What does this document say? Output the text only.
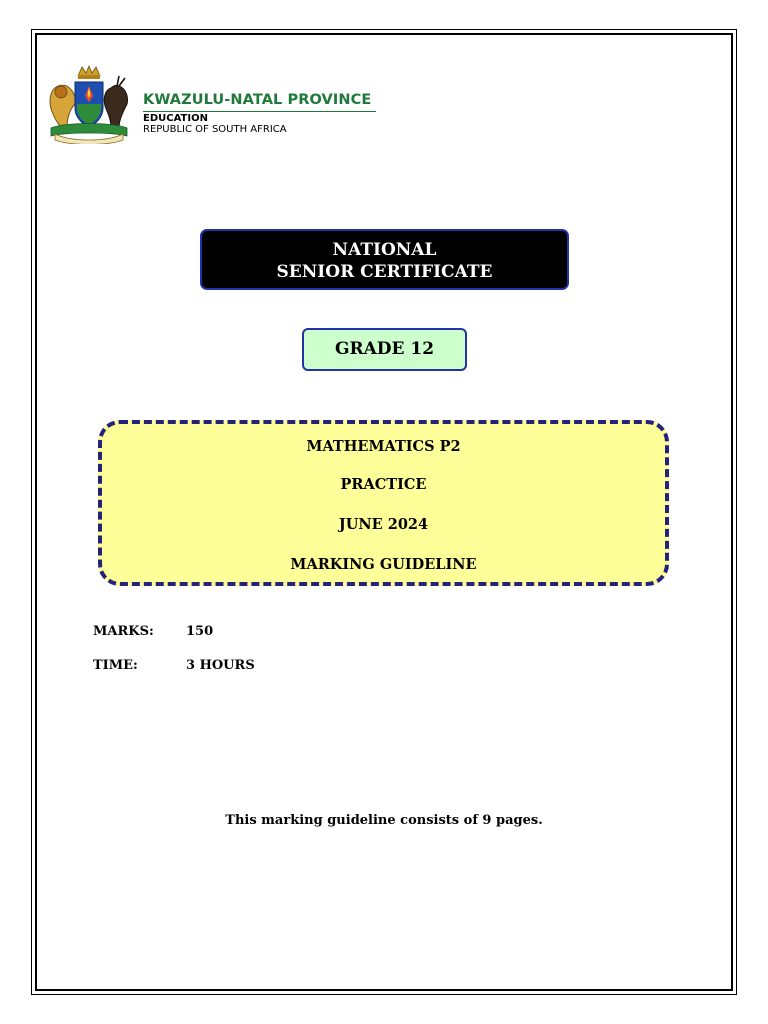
KWAZULU-NATAL PROVINCE
EDUCATION
REPUBLIC OF SOUTH AFRICA
NATIONAL
SENIOR CERTIFICATE
GRADE 12
MATHEMATICS P2
PRACTICE
JUNE 2024
MARKING GUIDELINE
MARKS: 150
TIME:	3 HOURS
This marking guideline consists of 9 pages.
